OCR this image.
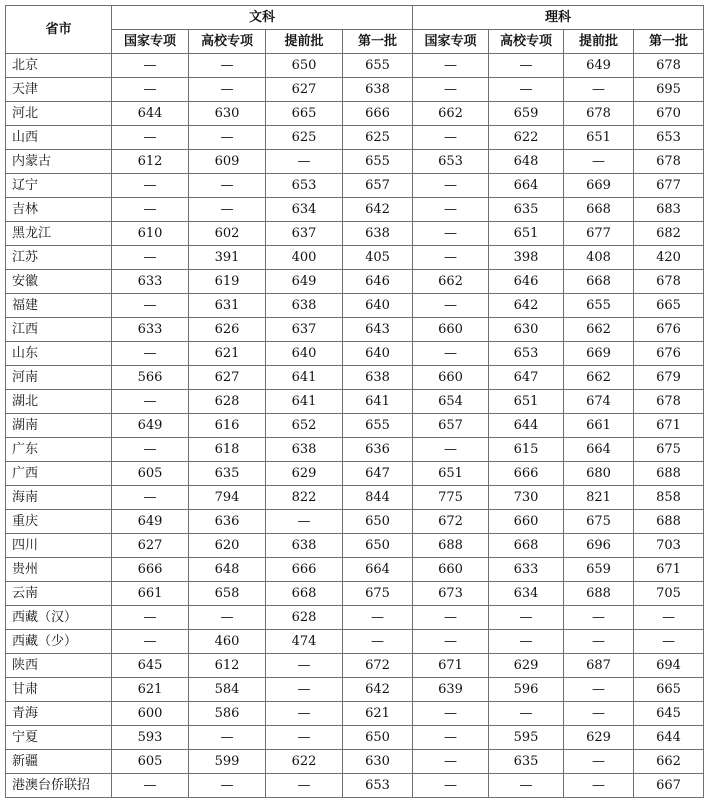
省市	文科				理科			
	国家专项	高校专项	提前批	第一批	国家专项	高校专项	提前批	第一批
北京	—	—	650	655	—	—	649	678
天津	—	—	627	638	—	—	—	695
河北	644	630	665	666	662	659	678	670
山西	—	—	625	625	—	622	651	653
内蒙古	612	609	—	655	653	648	—	678
辽宁	—	—	653	657	—	664	669	677
吉林	—	—	634	642	—	635	668	683
黑龙江	610	602	637	638	—	651	677	682
江苏	—	391	400	405	—	398	408	420
安徽	633	619	649	646	662	646	668	678
福建	—	631	638	640	—	642	655	665
江西	633	626	637	643	660	630	662	676
山东	—	621	640	640	—	653	669	676
河南	566	627	641	638	660	647	662	679
湖北	—	628	641	641	654	651	674	678
湖南	649	616	652	655	657	644	661	671
广东	—	618	638	636	—	615	664	675
广西	605	635	629	647	651	666	680	688
海南	—	794	822	844	775	730	821	858
重庆	649	636	—	650	672	660	675	688
四川	627	620	638	650	688	668	696	703
贵州	666	648	666	664	660	633	659	671
云南	661	658	668	675	673	634	688	705
西藏（汉）	—	—	628	—	—	—	—	—
西藏（少）	—	460	474	—	—	—	—	—
陕西	645	612	—	672	671	629	687	694
甘肃	621	584	—	642	639	596	—	665
青海	600	586	—	621	—	—	—	645
宁夏	593	—	—	650	—	595	629	644
新疆	605	599	622	630	—	635	—	662
港澳台侨联招	—	—	—	653	—	—	—	667
